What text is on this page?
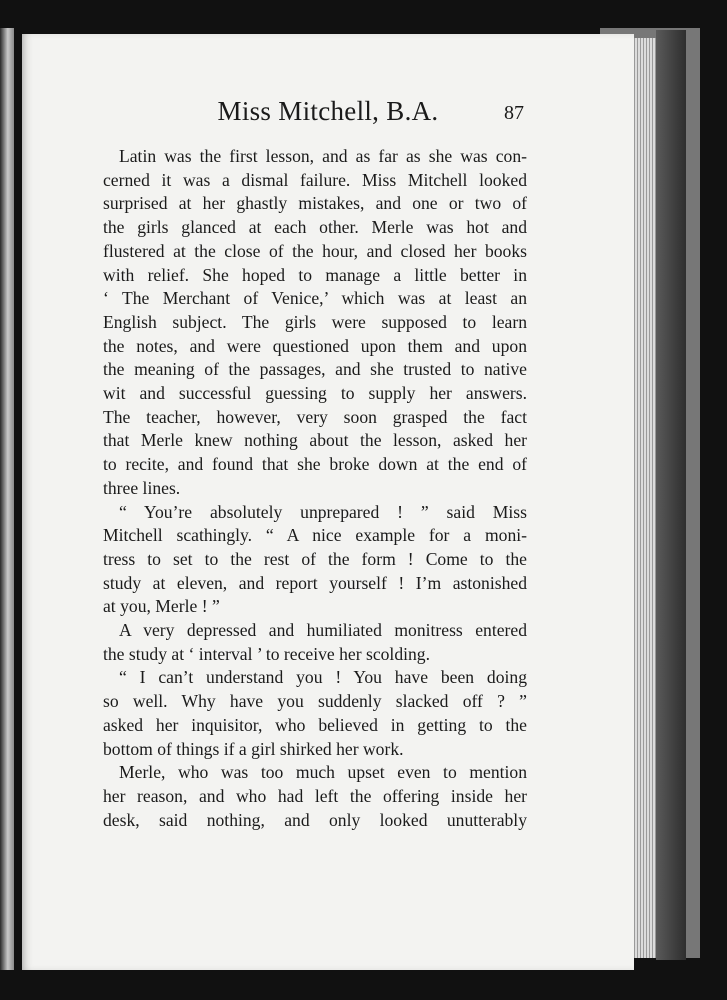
Miss Mitchell, B.A.	87
Latin was the first lesson, and as far as she was con-
cerned it was a dismal failure. Miss Mitchell looked
surprised at her ghastly mistakes, and one or two of
the girls glanced at each other. Merle was hot and
flustered at the close of the hour, and closed her books
with relief. She hoped to manage a little better in
‘ The Merchant of Venice,’ which was at least an
English subject. The girls were supposed to learn
the notes, and were questioned upon them and upon
the meaning of the passages, and she trusted to native
wit and successful guessing to supply her answers.
The teacher, however, very soon grasped the fact
that Merle knew nothing about the lesson, asked her
to recite, and found that she broke down at the end of
three lines.
“ You’re absolutely unprepared ! ” said Miss
Mitchell scathingly. “ A nice example for a moni-
tress to set to the rest of the form ! Come to the
study at eleven, and report yourself ! I’m astonished
at you, Merle ! ”
A very depressed and humiliated monitress entered
the study at ‘ interval ’ to receive her scolding.
“ I can’t understand you ! You have been doing
so well. Why have you suddenly slacked off ? ”
asked her inquisitor, who believed in getting to the
bottom of things if a girl shirked her work.
Merle, who was too much upset even to mention
her reason, and who had left the offering inside her
desk, said nothing, and only looked unutterably
